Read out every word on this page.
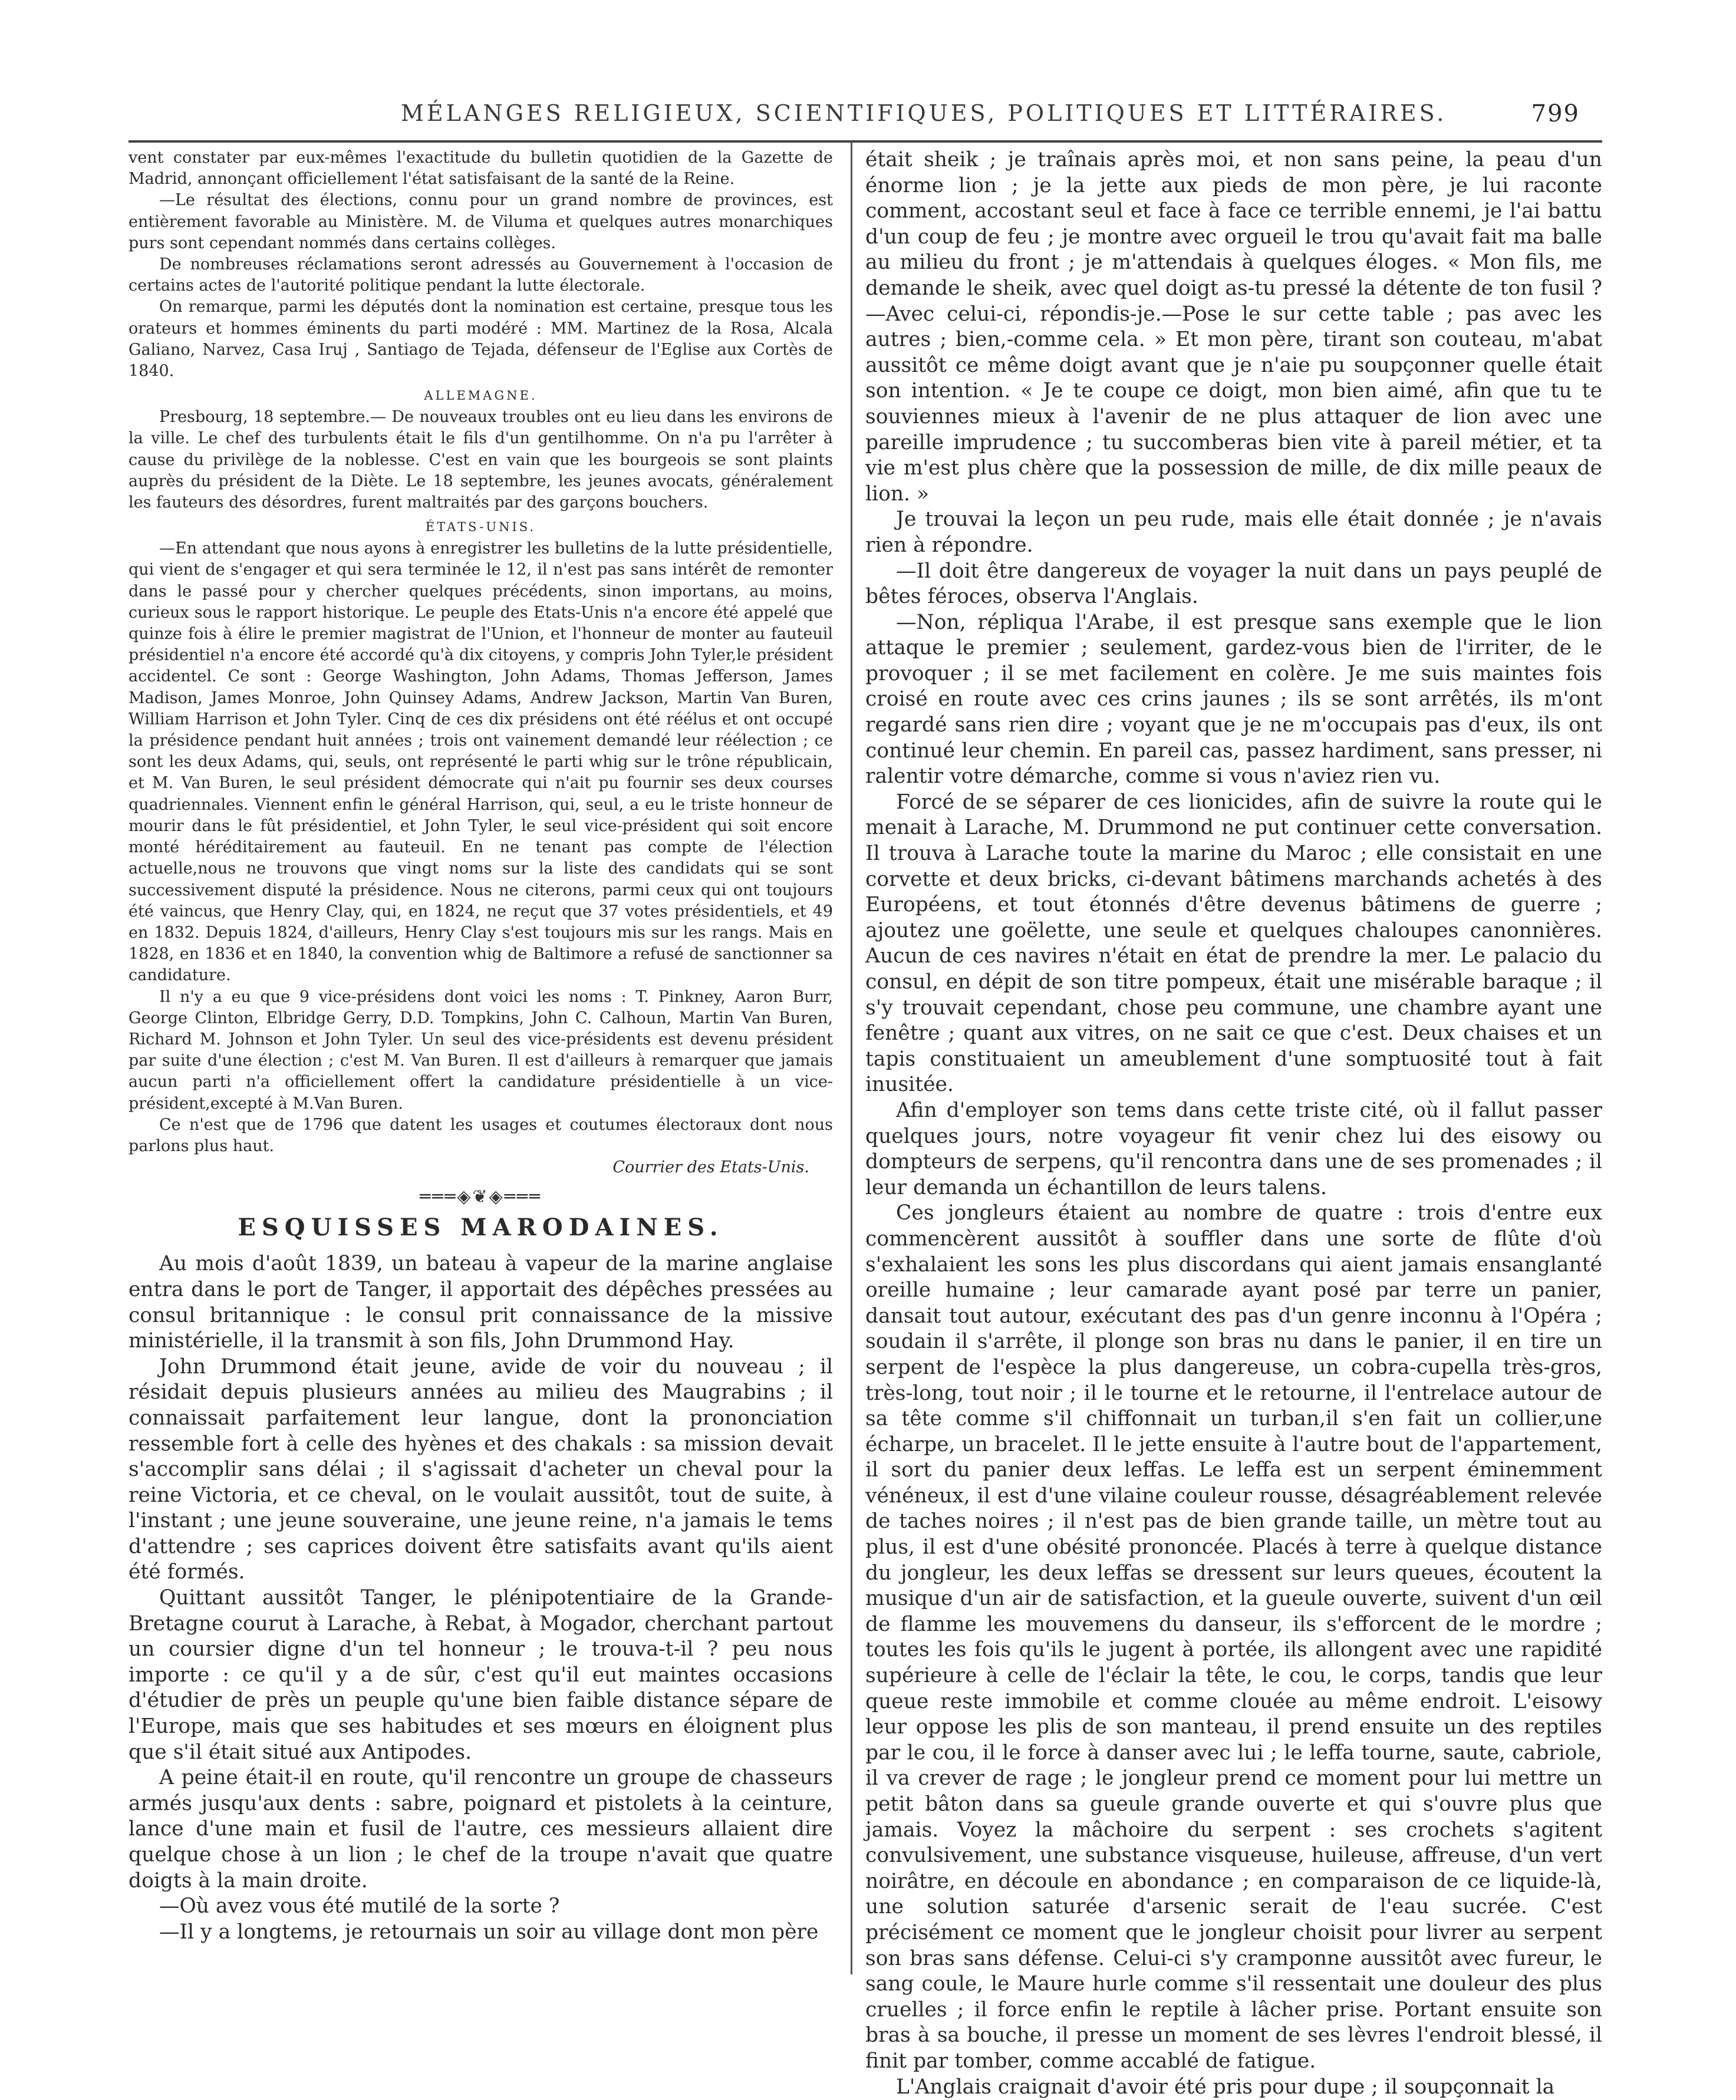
MÉLANGES RELIGIEUX, SCIENTIFIQUES, POLITIQUES ET LITTÉRAIRES.	799

vent constater par eux-mêmes l'exactitude du bulletin quotidien de la Gazette de Madrid, annonçant officiellement l'état satisfaisant de la santé de la Reine.

—Le résultat des élections, connu pour un grand nombre de provinces, est entièrement favorable au Ministère. M. de Viluma et quelques autres monarchiques purs sont cependant nommés dans certains collèges.

De nombreuses réclamations seront adressés au Gouvernement à l'occasion de certains actes de l'autorité politique pendant la lutte électorale.

On remarque, parmi les députés dont la nomination est certaine, presque tous les orateurs et hommes éminents du parti modéré : MM. Martinez de la Rosa, Alcala Galiano, Narvez, Casa Iruj , Santiago de Tejada, défenseur de l'Eglise aux Cortès de 1840.

ALLEMAGNE.

Presbourg, 18 septembre.— De nouveaux troubles ont eu lieu dans les environs de la ville. Le chef des turbulents était le fils d'un gentilhomme. On n'a pu l'arrêter à cause du privilège de la noblesse. C'est en vain que les bourgeois se sont plaints auprès du président de la Diète. Le 18 septembre, les jeunes avocats, généralement les fauteurs des désordres, furent maltraités par des garçons bouchers.

ÉTATS-UNIS.

—En attendant que nous ayons à enregistrer les bulletins de la lutte présidentielle, qui vient de s'engager et qui sera terminée le 12, il n'est pas sans intérêt de remonter dans le passé pour y chercher quelques précédents, sinon importans, au moins, curieux sous le rapport historique. Le peuple des Etats-Unis n'a encore été appelé que quinze fois à élire le premier magistrat de l'Union, et l'honneur de monter au fauteuil présidentiel n'a encore été accordé qu'à dix citoyens, y compris John Tyler,le président accidentel. Ce sont : George Washington, John Adams, Thomas Jefferson, James Madison, James Monroe, John Quinsey Adams, Andrew Jackson, Martin Van Buren, William Harrison et John Tyler. Cinq de ces dix présidens ont été réélus et ont occupé la présidence pendant huit années ; trois ont vainement demandé leur réélection ; ce sont les deux Adams, qui, seuls, ont représenté le parti whig sur le trône républicain, et M. Van Buren, le seul président démocrate qui n'ait pu fournir ses deux courses quadriennales. Viennent enfin le général Harrison, qui, seul, a eu le triste honneur de mourir dans le fût présidentiel, et John Tyler, le seul vice-président qui soit encore monté héréditairement au fauteuil. En ne tenant pas compte de l'élection actuelle,nous ne trouvons que vingt noms sur la liste des candidats qui se sont successivement disputé la présidence. Nous ne citerons, parmi ceux qui ont toujours été vaincus, que Henry Clay, qui, en 1824, ne reçut que 37 votes présidentiels, et 49 en 1832. Depuis 1824, d'ailleurs, Henry Clay s'est toujours mis sur les rangs. Mais en 1828, en 1836 et en 1840, la convention whig de Baltimore a refusé de sanctionner sa candidature.

Il n'y a eu que 9 vice-présidens dont voici les noms : T. Pinkney, Aaron Burr, George Clinton, Elbridge Gerry, D.D. Tompkins, John C. Calhoun, Martin Van Buren, Richard M. Johnson et John Tyler. Un seul des vice-présidents est devenu président par suite d'une élection ; c'est M. Van Buren. Il est d'ailleurs à remarquer que jamais aucun parti n'a officiellement offert la candidature présidentielle à un vice-président,excepté à M.Van Buren.

Ce n'est que de 1796 que datent les usages et coutumes électoraux dont nous parlons plus haut.

Courrier des Etats-Unis.
═══◈❦◈═══
ESQUISSES MARODAINES.

Au mois d'août 1839, un bateau à vapeur de la marine anglaise entra dans le port de Tanger, il apportait des dépêches pressées au consul britannique : le consul prit connaissance de la missive ministérielle, il la transmit à son fils, John Drummond Hay.

John Drummond était jeune, avide de voir du nouveau ; il résidait depuis plusieurs années au milieu des Maugrabins ; il connaissait parfaitement leur langue, dont la prononciation ressemble fort à celle des hyènes et des chakals : sa mission devait s'accomplir sans délai ; il s'agissait d'acheter un cheval pour la reine Victoria, et ce cheval, on le voulait aussitôt, tout de suite, à l'instant ; une jeune souveraine, une jeune reine, n'a jamais le tems d'attendre ; ses caprices doivent être satisfaits avant qu'ils aient été formés.

Quittant aussitôt Tanger, le plénipotentiaire de la Grande-Bretagne courut à Larache, à Rebat, à Mogador, cherchant partout un coursier digne d'un tel honneur ; le trouva-t-il ? peu nous importe : ce qu'il y a de sûr, c'est qu'il eut maintes occasions d'étudier de près un peuple qu'une bien faible distance sépare de l'Europe, mais que ses habitudes et ses mœurs en éloignent plus que s'il était situé aux Antipodes.

A peine était-il en route, qu'il rencontre un groupe de chasseurs armés jusqu'aux dents : sabre, poignard et pistolets à la ceinture, lance d'une main et fusil de l'autre, ces messieurs allaient dire quelque chose à un lion ; le chef de la troupe n'avait que quatre doigts à la main droite.

—Où avez vous été mutilé de la sorte ?

—Il y a longtems, je retournais un soir au village dont mon père

était sheik ; je traînais après moi, et non sans peine, la peau d'un énorme lion ; je la jette aux pieds de mon père, je lui raconte comment, accostant seul et face à face ce terrible ennemi, je l'ai battu d'un coup de feu ; je montre avec orgueil le trou qu'avait fait ma balle au milieu du front ; je m'attendais à quelques éloges. « Mon fils, me demande le sheik, avec quel doigt as-tu pressé la détente de ton fusil ? —Avec celui-ci, répondis-je.—Pose le sur cette table ; pas avec les autres ; bien,-comme cela. » Et mon père, tirant son couteau, m'abat aussitôt ce même doigt avant que je n'aie pu soupçonner quelle était son intention. « Je te coupe ce doigt, mon bien aimé, afin que tu te souviennes mieux à l'avenir de ne plus attaquer de lion avec une pareille imprudence ; tu succomberas bien vite à pareil métier, et ta vie m'est plus chère que la possession de mille, de dix mille peaux de lion. »

Je trouvai la leçon un peu rude, mais elle était donnée ; je n'avais rien à répondre.

—Il doit être dangereux de voyager la nuit dans un pays peuplé de bêtes féroces, observa l'Anglais.

—Non, répliqua l'Arabe, il est presque sans exemple que le lion attaque le premier ; seulement, gardez-vous bien de l'irriter, de le provoquer ; il se met facilement en colère. Je me suis maintes fois croisé en route avec ces crins jaunes ; ils se sont arrêtés, ils m'ont regardé sans rien dire ; voyant que je ne m'occupais pas d'eux, ils ont continué leur chemin. En pareil cas, passez hardiment, sans presser, ni ralentir votre démarche, comme si vous n'aviez rien vu.

Forcé de se séparer de ces lionicides, afin de suivre la route qui le menait à Larache, M. Drummond ne put continuer cette conversation. Il trouva à Larache toute la marine du Maroc ; elle consistait en une corvette et deux bricks, ci-devant bâtimens marchands achetés à des Européens, et tout étonnés d'être devenus bâtimens de guerre ; ajoutez une goëlette, une seule et quelques chaloupes canonnières. Aucun de ces navires n'était en état de prendre la mer. Le palacio du consul, en dépit de son titre pompeux, était une misérable baraque ; il s'y trouvait cependant, chose peu commune, une chambre ayant une fenêtre ; quant aux vitres, on ne sait ce que c'est. Deux chaises et un tapis constituaient un ameublement d'une somptuosité tout à fait inusitée.

Afin d'employer son tems dans cette triste cité, où il fallut passer quelques jours, notre voyageur fit venir chez lui des eisowy ou dompteurs de serpens, qu'il rencontra dans une de ses promenades ; il leur demanda un échantillon de leurs talens.

Ces jongleurs étaient au nombre de quatre : trois d'entre eux commencèrent aussitôt à souffler dans une sorte de flûte d'où s'exhalaient les sons les plus discordans qui aient jamais ensanglanté oreille humaine ; leur camarade ayant posé par terre un panier, dansait tout autour, exécutant des pas d'un genre inconnu à l'Opéra ; soudain il s'arrête, il plonge son bras nu dans le panier, il en tire un serpent de l'espèce la plus dangereuse, un cobra-cupella très-gros, très-long, tout noir ; il le tourne et le retourne, il l'entrelace autour de sa tête comme s'il chiffonnait un turban,il s'en fait un collier,une écharpe, un bracelet. Il le jette ensuite à l'autre bout de l'appartement, il sort du panier deux leffas. Le leffa est un serpent éminemment vénéneux, il est d'une vilaine couleur rousse, désagréablement relevée de taches noires ; il n'est pas de bien grande taille, un mètre tout au plus, il est d'une obésité prononcée. Placés à terre à quelque distance du jongleur, les deux leffas se dressent sur leurs queues, écoutent la musique d'un air de satisfaction, et la gueule ouverte, suivent d'un œil de flamme les mouvemens du danseur, ils s'efforcent de le mordre ; toutes les fois qu'ils le jugent à portée, ils allongent avec une rapidité supérieure à celle de l'éclair la tête, le cou, le corps, tandis que leur queue reste immobile et comme clouée au même endroit. L'eisowy leur oppose les plis de son manteau, il prend ensuite un des reptiles par le cou, il le force à danser avec lui ; le leffa tourne, saute, cabriole, il va crever de rage ; le jongleur prend ce moment pour lui mettre un petit bâton dans sa gueule grande ouverte et qui s'ouvre plus que jamais. Voyez la mâchoire du serpent : ses crochets s'agitent convulsivement, une substance visqueuse, huileuse, affreuse, d'un vert noirâtre, en découle en abondance ; en comparaison de ce liquide-là, une solution saturée d'arsenic serait de l'eau sucrée. C'est précisément ce moment que le jongleur choisit pour livrer au serpent son bras sans défense. Celui-ci s'y cramponne aussitôt avec fureur, le sang coule, le Maure hurle comme s'il ressentait une douleur des plus cruelles ; il force enfin le reptile à lâcher prise. Portant ensuite son bras à sa bouche, il presse un moment de ses lèvres l'endroit blessé, il finit par tomber, comme accablé de fatigue.

L'Anglais craignait d'avoir été pris pour dupe ; il soupçonnait la
